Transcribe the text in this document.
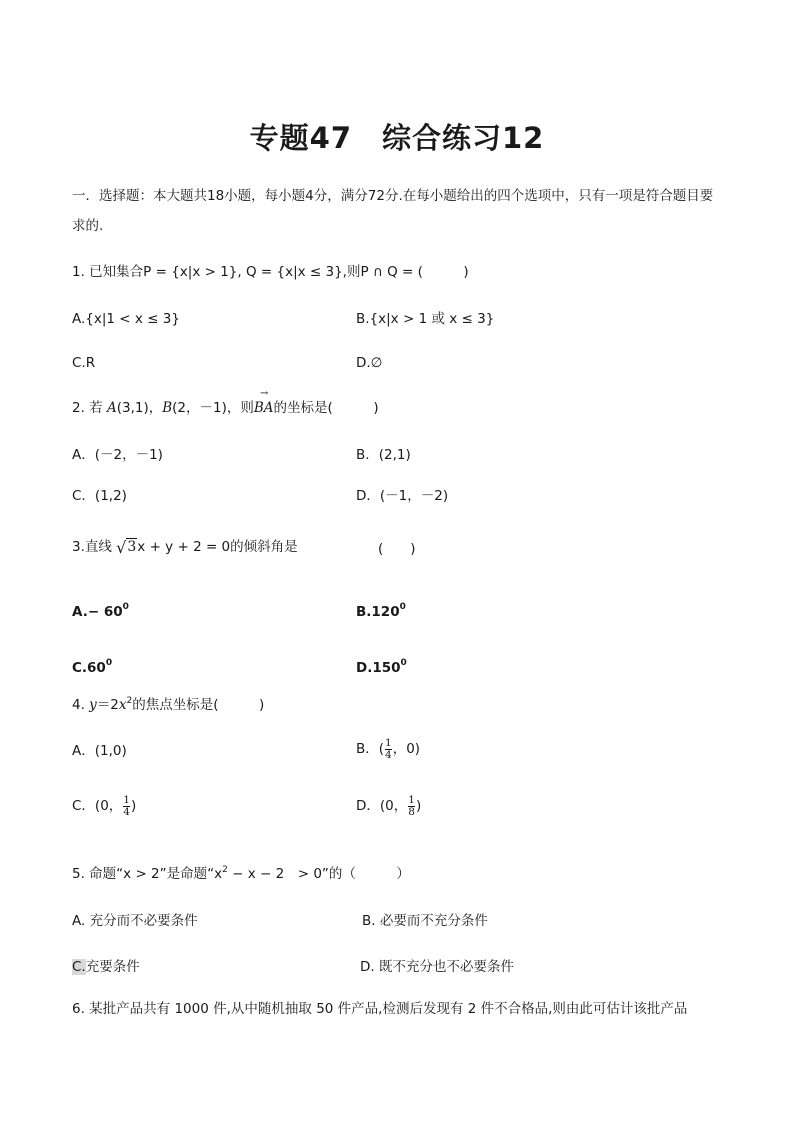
专题47　综合练习12
一．选择题：本大题共18小题，每小题4分，满分72分.在每小题给出的四个选项中，只有一项是符合题目要求的.
1. 已知集合P = {x|x > 1}, Q = {x|x ≤ 3},则P ∩ Q = (　　　)
A.{x|1 < x ≤ 3}	B.{x|x > 1 或 x ≤ 3}
C.R	D.∅
2. 若 A(3,1)，B(2，－1)，则
→
BA的坐标是(　　　)
A．(－2，－1)	B．(2,1)
C．(1,2)	D．(－1，－2)
3.直线 √3x + y + 2 = 0的倾斜角是	(　　)
$A.- 60^0$	B.120$^0$
$C.60^0$	D.150$^0$
4. $y=2x^2$的焦点坐标是(　　　)
A．(1,0)	B．( $\frac{1}{4}$ ，0)
C．(0， $\frac{1}{4}$ )	D．(0， $\frac{1}{8}$ )
5. 命题“x > 2”是命题“$x^2 - x - 2$　> 0”的（　　　）
A. 充分而不必要条件	B. 必要而不充分条件
C.充要条件	D. 既不充分也不必要条件
6. 某批产品共有 1000 件,从中随机抽取 50 件产品,检测后发现有 2 件不合格品,则由此可估计该批产品
